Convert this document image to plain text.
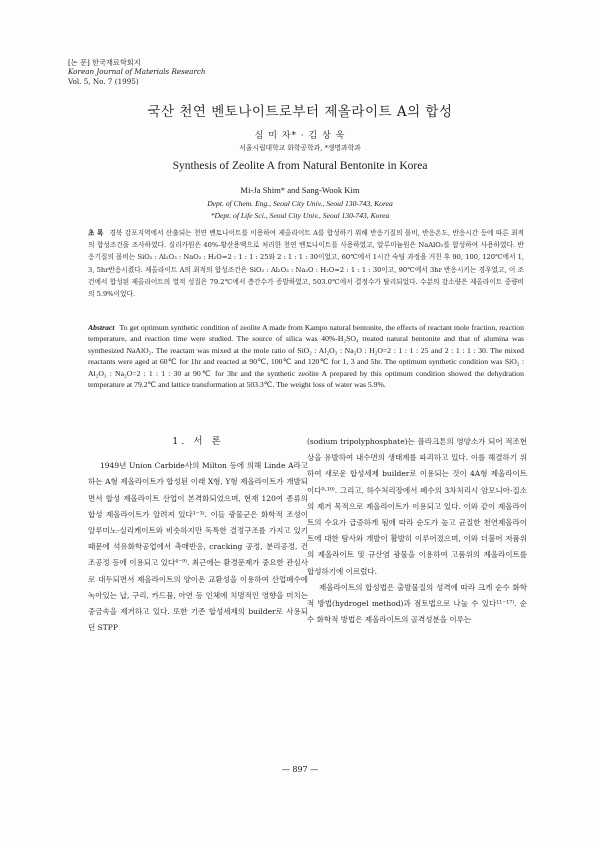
[논 문] 한국재료학회지
Korean Journal of Materials Research
Vol. 5, No. 7 (1995)
국산 천연 벤토나이트로부터 제올라이트 A의 합성
심 미 자* · 김 상 욱
서울시립대학교 화학공학과, *생명과학과
Synthesis of Zeolite A from Natural Bentonite in Korea
Mi-Ja Shim* and Sang-Wook Kim
Dept. of Chem. Eng., Seoul City Univ., Seoul 130-743, Korea
*Dept. of Life Sci., Seoul City Univ., Seoul 130-743, Korea
초 록 경북 감포지역에서 산출되는 천연 벤토나이트를 이용하여 제올라이트 A를 합성하기 위해 반응기질의 몰비, 반응온도, 반응시간 등에 따른 최적의 합성조건을 조사하였다. 실리카원은 40%-황산용액으로 처리한 천연 벤토나이트를 사용하였고, 알루미늄원은 NaAlO₂를 합성하여 사용하였다. 반응기질의 몰비는 SiO₂ : Al₂O₃ : NaO₂ : H₂O=2 : 1 : 1 : 25와 2 : 1 : 1 : 30이었고, 60℃에서 1시간 숙팀 과정을 거친 후 90, 100, 120℃에서 1, 3, 5hr반응시켰다. 제올라이트 A의 최적의 합성조건은 SiO₂ : Al₂O₃ : Na₂O : H₂O=2 : 1 : 1 : 30이고, 90℃에서 3hr 반응시키는 경우였고, 이 조건에서 합성된 제올라이트의 열적 성질은 79.2℃에서 층간수가 증발하였고, 503.0℃에서 결정수가 탈리되었다. 수분의 감소량은 제올라이트 중량비의 5.9%이었다.
Abstract To get optimum synthetic condition of zeolite A made from Kampo natural bentonite, the effects of reactant mole fraction, reaction temperature, and reaction time were studied. The source of silica was 40%-H₂SO₄ treated natural bentonite and that of alumina was synthesized NaAlO₂. The reactant was mixed at the mole ratio of SiO₂ : Al₂O₃ : Na₂O : H₂O=2 : 1 : 1 : 25 and 2 : 1 : 1 : 30. The mixed reactants were aged at 60℃ for 1hr and reacted at 90℃, 100℃ and 120℃ for 1, 3 and 5hr. The optimum synthetic condition was SiO₂ : Al₂O₃ : Na₂O=2 : 1 : 1 : 30 at 90℃ for 3hr and the synthetic zeolite A prepared by this optimum condition showed the dehydration temperature at 79.2℃ and lattice transformation at 503.3℃. The weight loss of water was 5.9%.
1. 서 론

1949년 Union Carbide사의 Milton 등에 의해 Linde A라고 하는 A형 제올라이트가 합성된 이래 X형, Y형 제올라이트가 개발되면서 합성 제올라이트 산업이 본격화되었으며, 현재 120여 종류의 합성 제올라이트가 알려져 있다¹⁻³⁾. 이들 광물군은 화학적 조성이 알루미노-실리케이트와 비슷하지만 독특한 결정구조를 가지고 있기 때문에 석유화학공업에서 촉매반응, cracking 공정, 분리공정, 건조공정 등에 이용되고 있다⁴⁻⁹⁾. 최근에는 환경문제가 중요한 관심사로 대두되면서 제올라이트의 양이온 교환성을 이용하여 산업폐수에 녹아있는 납, 구리, 카드뮴, 아연 등 인체에 치명적인 영향을 미치는 중금속을 제거하고 있다. 또한 기존 합성세제의 builder로 사용되던 STPP

(sodium tripolyphosphate)는 플라크톤의 영양소가 되어 적조현상을 유발하여 내수면의 생태계를 파괴하고 있다. 이를 해결하기 위하여 새로운 합성세제 builder로 이용되는 것이 4A형 제올라이트이다⁹·¹⁰⁾. 그리고, 하수처리장에서 폐수의 3차처리시 암모니아-질소의 제거 목적으로 제올라이트가 이용되고 있다. 이와 같이 제올라이트의 수요가 급증하게 됨에 따라 순도가 높고 균질한 천연제올라이트에 대한 탐사와 개발이 활발히 이루어졌으며, 이와 더불어 저품위의 제올라이트 및 규산염 광물을 이용하여 고품위의 제올라이트를 합성하기에 이르렀다.

제올라이트의 합성법은 출발물질의 성격에 따라 크게 순수 화학적 방법(hydrogel method)과 점토법으로 나눌 수 있다¹¹⁻¹⁷⁾. 순수 화학적 방법은 제올라이트의 골격성분을 이루는

— 897 —
